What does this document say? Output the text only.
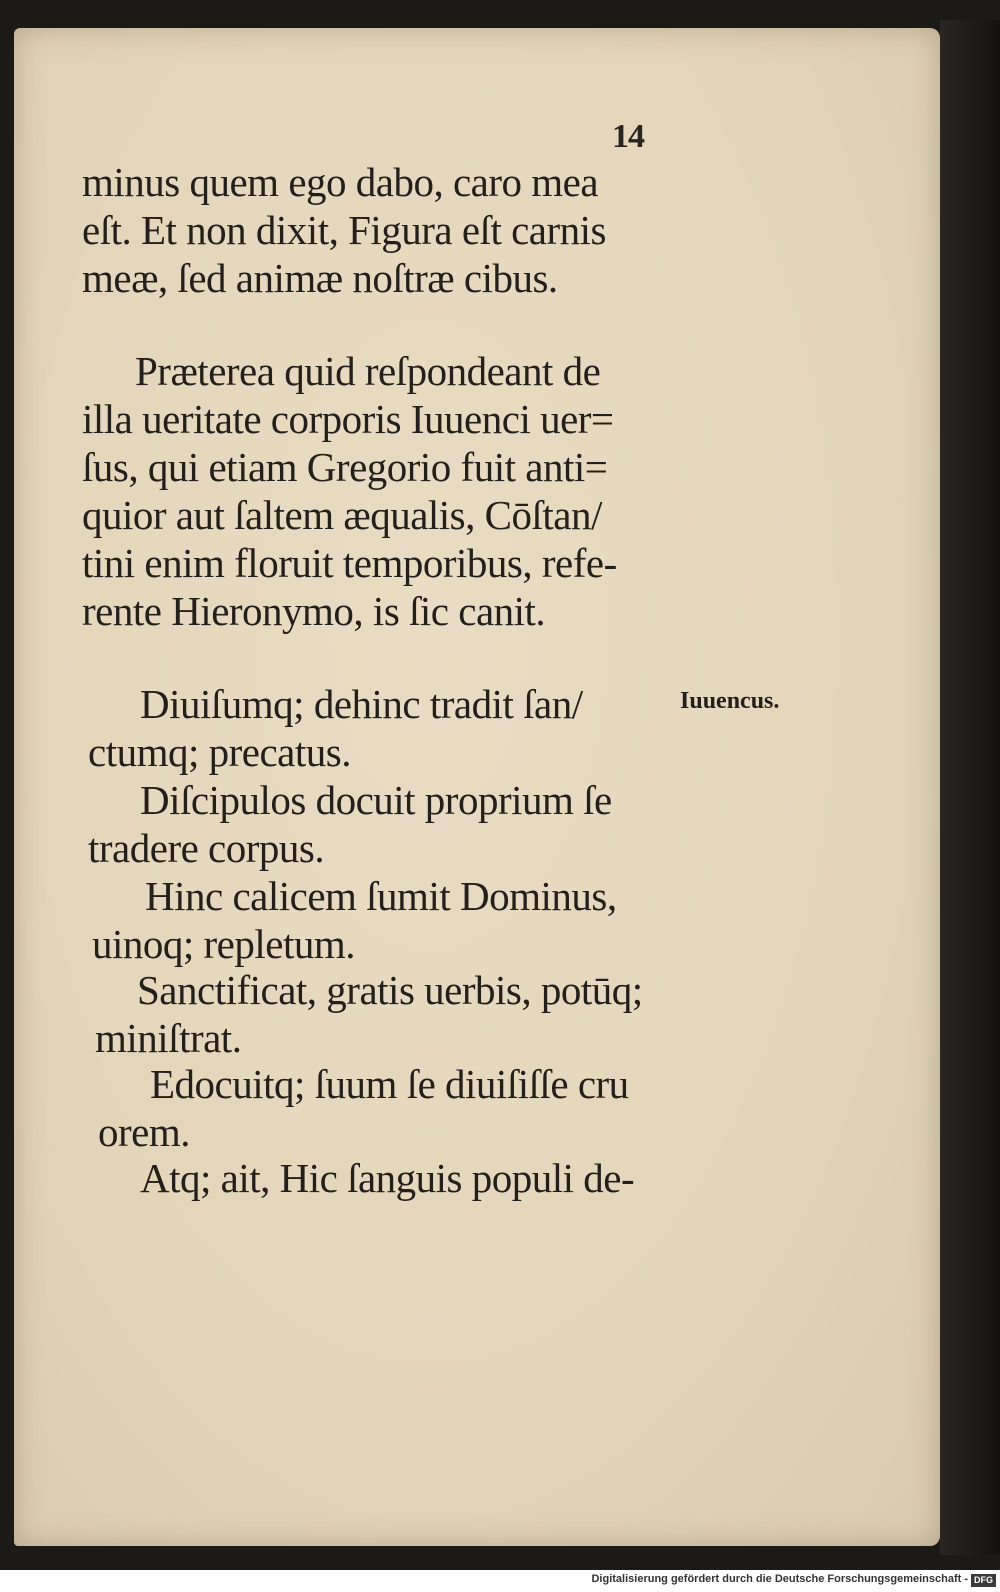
14
minus quem ego dabo, caro mea
eſt. Et non dixit, Figura eſt carnis
meæ, ſed animæ noſtræ cibus.
Præterea quid reſpondeant de
illa ueritate corporis Iuuenci uer=
ſus, qui etiam Gregorio fuit anti=
quior aut ſaltem æqualis, Cōſtan/
tini enim floruit temporibus, refe-
rente Hieronymo, is ſic canit.
Diuiſumq; dehinc tradit ſan/	Iuuencus.
ctumq; precatus.
Diſcipulos docuit proprium ſe
tradere corpus.
Hinc calicem ſumit Dominus,
uinoq; repletum.
Sanctificat, gratis uerbis, potūq;
miniſtrat.
Edocuitq; ſuum ſe diuiſiſſe cru
orem.
Atq; ait, Hic ſanguis populi de-
Digitalisierung gefördert durch die Deutsche Forschungsgemeinschaft - DFG
